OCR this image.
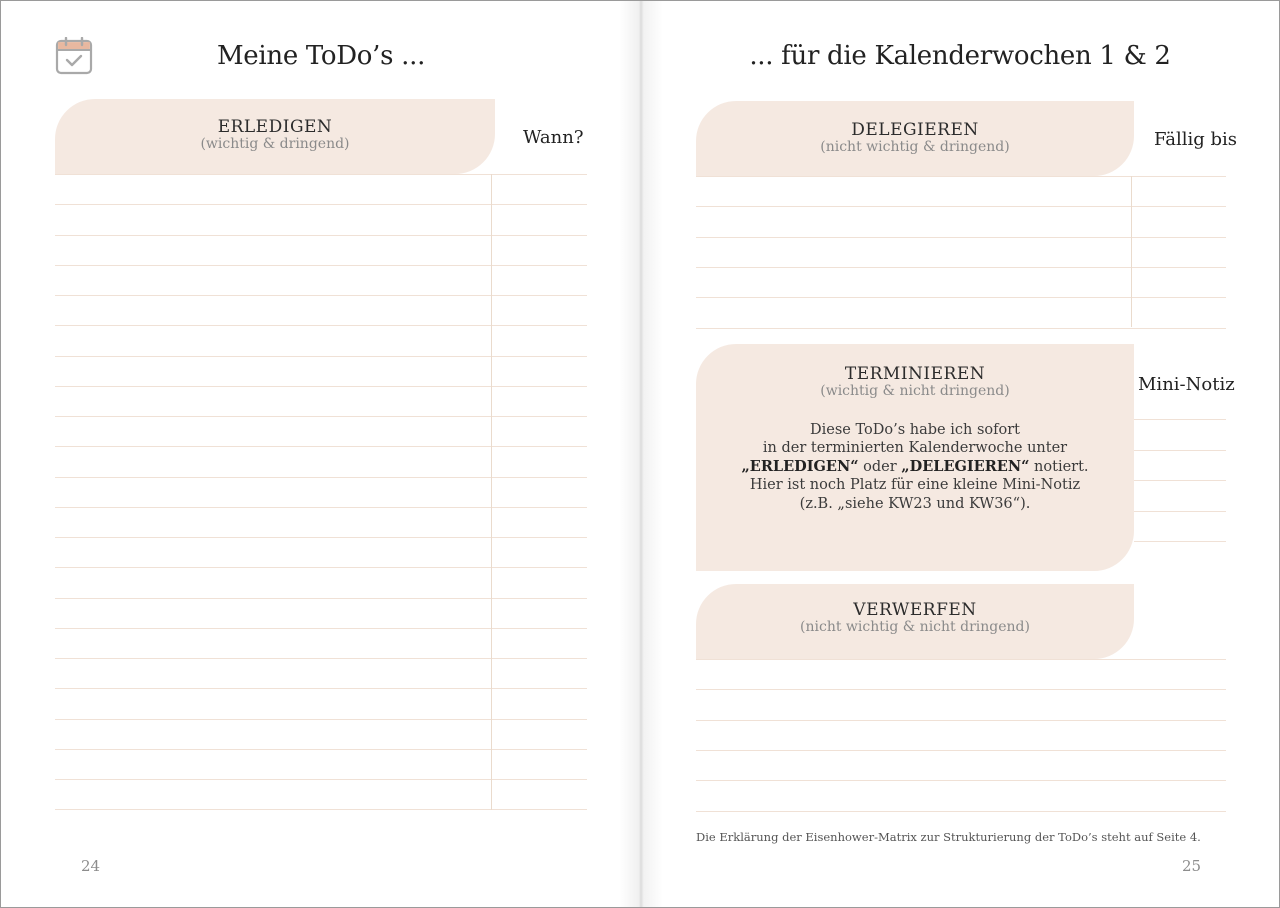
Meine ToDo’s ...
ERLEDIGEN
(wichtig & dringend)	Wann?
24
... für die Kalenderwochen 1 & 2
DELEGIEREN
(nicht wichtig & dringend)	Fällig bis
TERMINIEREN
(wichtig & nicht dringend)
Diese ToDo’s habe ich sofort
in der terminierten Kalenderwoche unter
„ERLEDIGEN“ oder „DELEGIEREN“ notiert.
Hier ist noch Platz für eine kleine Mini-Notiz
(z.B. „siehe KW23 und KW36“).
Mini-Notiz
VERWERFEN
(nicht wichtig & nicht dringend)
Die Erklärung der Eisenhower-Matrix zur Strukturierung der ToDo’s steht auf Seite 4.
25
